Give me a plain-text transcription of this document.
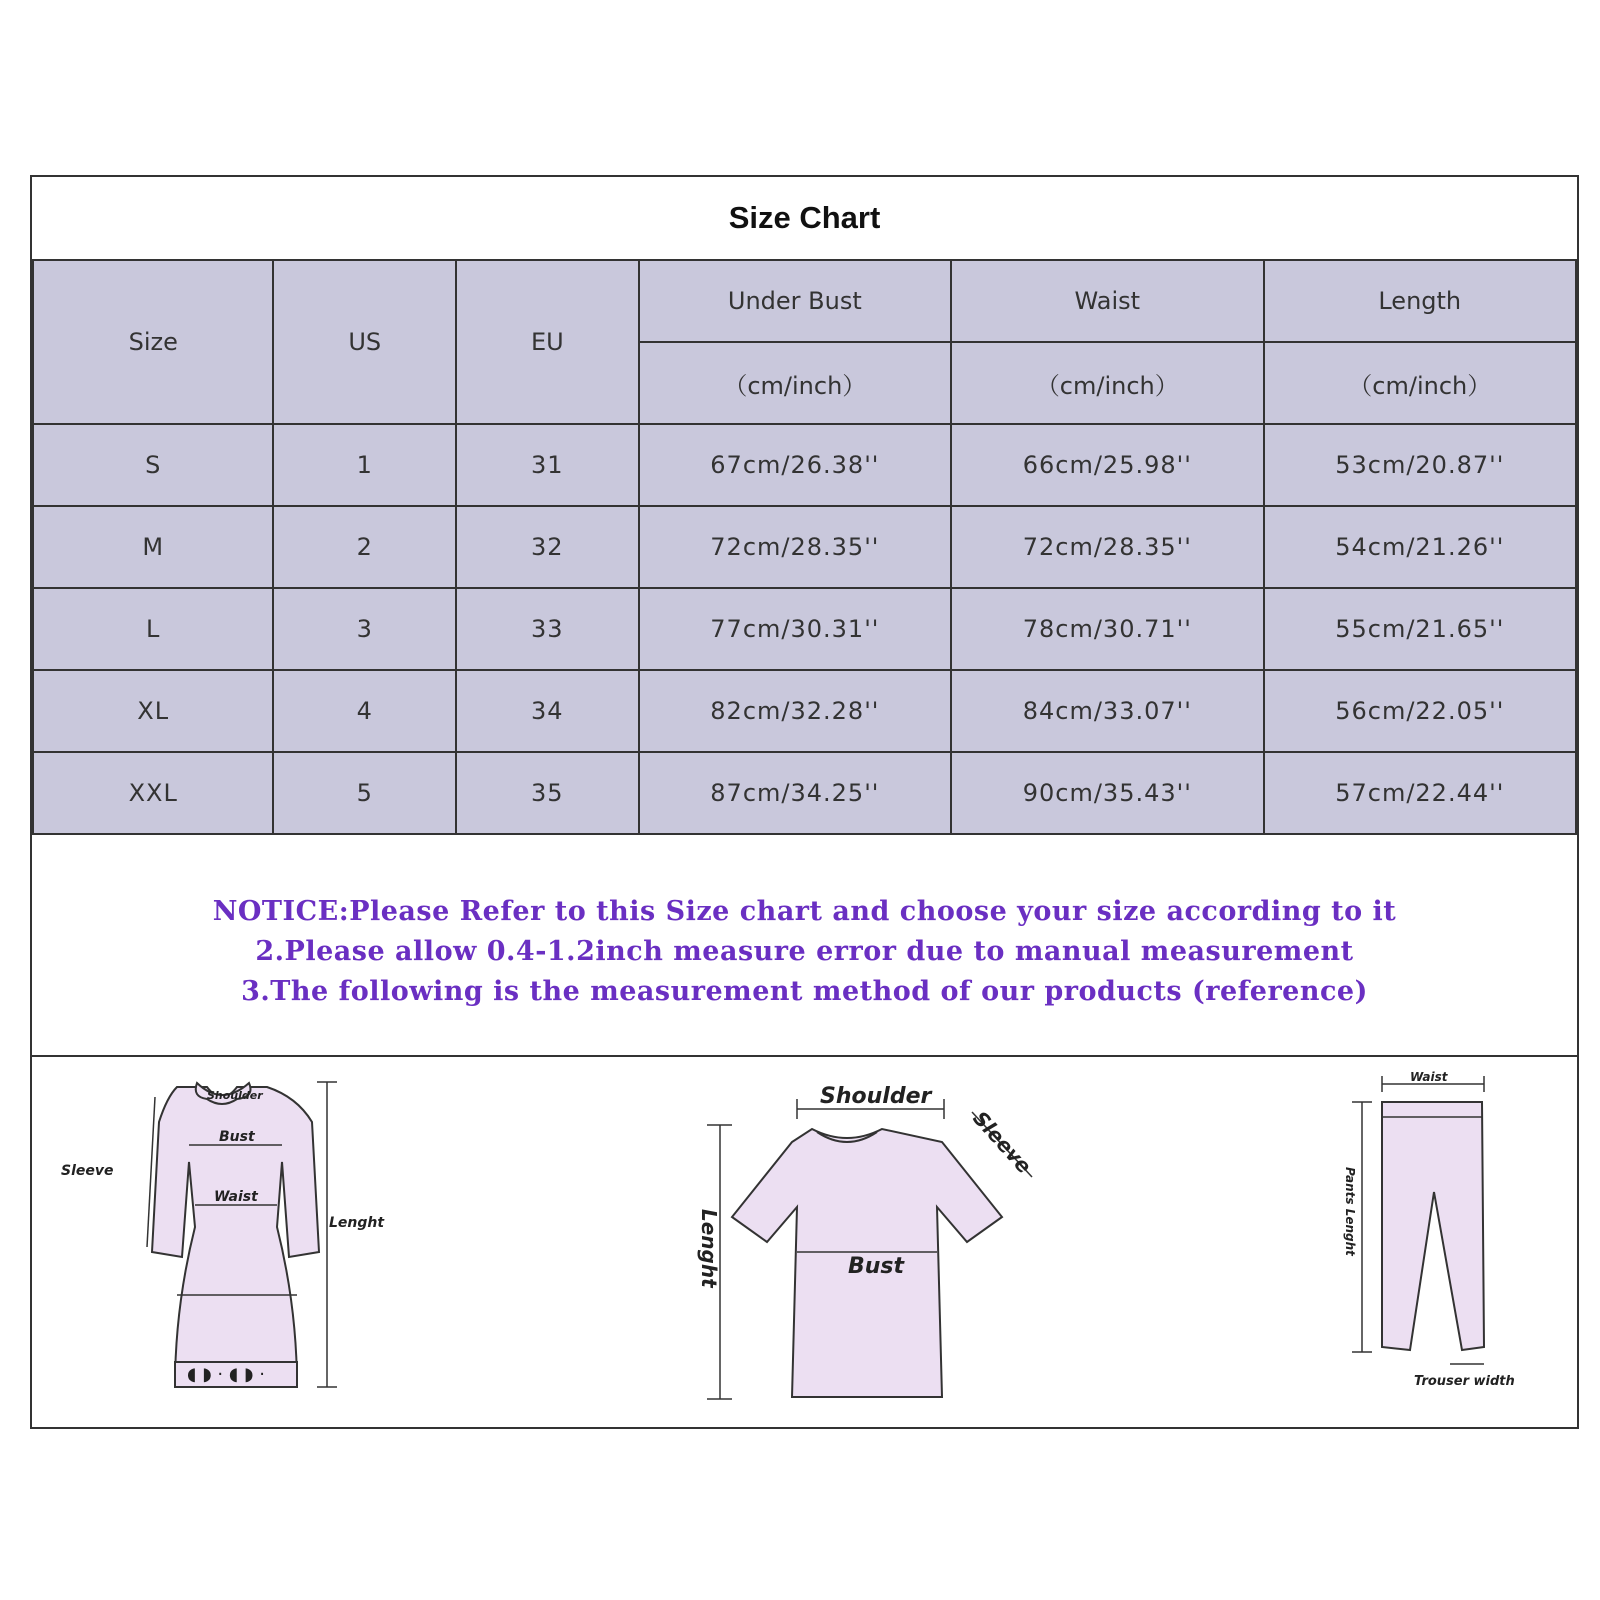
Size Chart
Size	US	EU	Under Bust	Waist	Length
			（cm/inch）	（cm/inch）	（cm/inch）
S	1	31	67cm/26.38''	66cm/25.98''	53cm/20.87''
M	2	32	72cm/28.35''	72cm/28.35''	54cm/21.26''
L	3	33	77cm/30.31''	78cm/30.71''	55cm/21.65''
XL	4	34	82cm/32.28''	84cm/33.07''	56cm/22.05''
XXL	5	35	87cm/34.25''	90cm/35.43''	57cm/22.44''
NOTICE:Please Refer to this Size chart and choose your size according to it
2.Please allow 0.4-1.2inch measure error due to manual measurement
3.The following is the measurement method of our products (reference)
◖ ◗ · ◖ ◗ ·
Shoulder
Bust
Waist
Sleeve
Lenght
Shoulder
Sleeve
Lenght	Bust
Waist
Pants Lenght
Trouser width
